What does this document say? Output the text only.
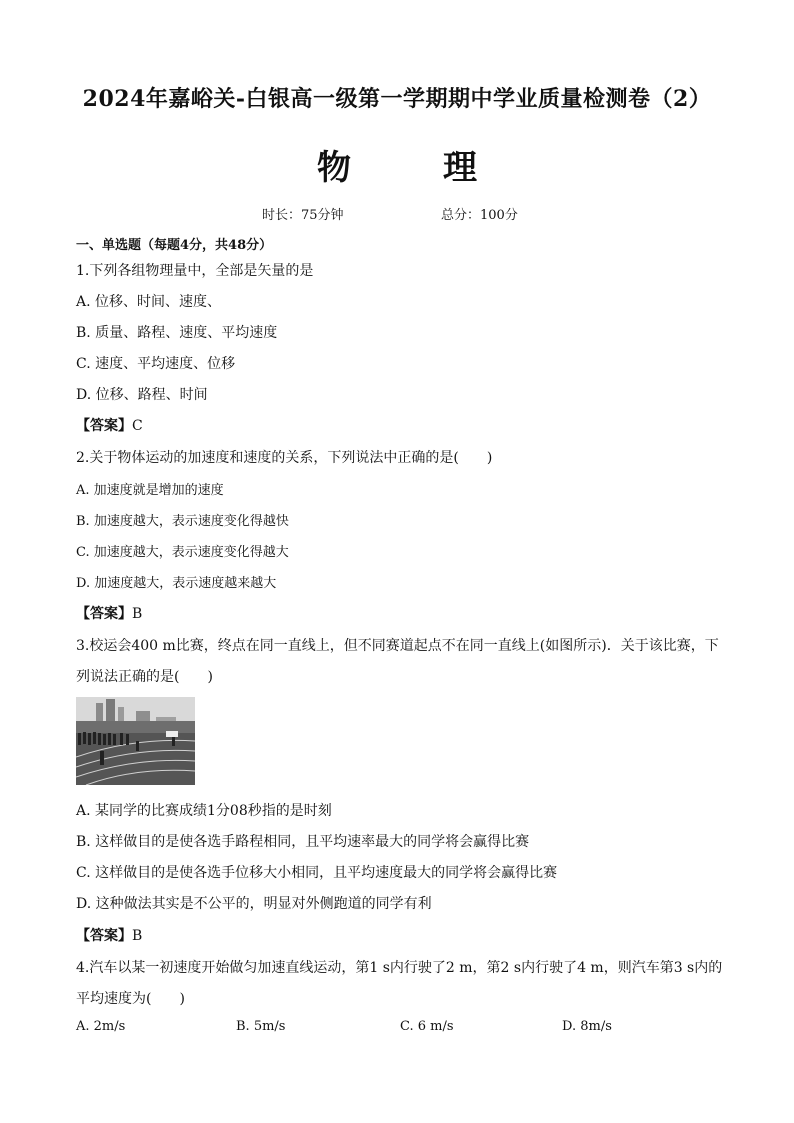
2024年嘉峪关-白银高一级第一学期期中学业质量检测卷（2）
物理
时长：75分钟	总分：100分
一、单选题（每题4分，共48分）
1.下列各组物理量中，全部是矢量的是
A. 位移、时间、速度、
B. 质量、路程、速度、平均速度
C. 速度、平均速度、位移
D. 位移、路程、时间
【答案】C
2.关于物体运动的加速度和速度的关系，下列说法中正确的是(　　)
A. 加速度就是增加的速度
B. 加速度越大，表示速度变化得越快
C. 加速度越大，表示速度变化得越大
D. 加速度越大，表示速度越来越大
【答案】B
3.校运会400 m比赛，终点在同一直线上，但不同赛道起点不在同一直线上(如图所示)．关于该比赛，下
列说法正确的是(　　)
A. 某同学的比赛成绩1分08秒指的是时刻
B. 这样做目的是使各选手路程相同，且平均速率最大的同学将会赢得比赛
C. 这样做目的是使各选手位移大小相同，且平均速度最大的同学将会赢得比赛
D. 这种做法其实是不公平的，明显对外侧跑道的同学有利
【答案】B
4.汽车以某一初速度开始做匀加速直线运动，第1 s内行驶了2 m，第2 s内行驶了4 m，则汽车第3 s内的
平均速度为(　　)
A. 2m/s	B. 5m/s	C. 6 m/s	D. 8m/s
